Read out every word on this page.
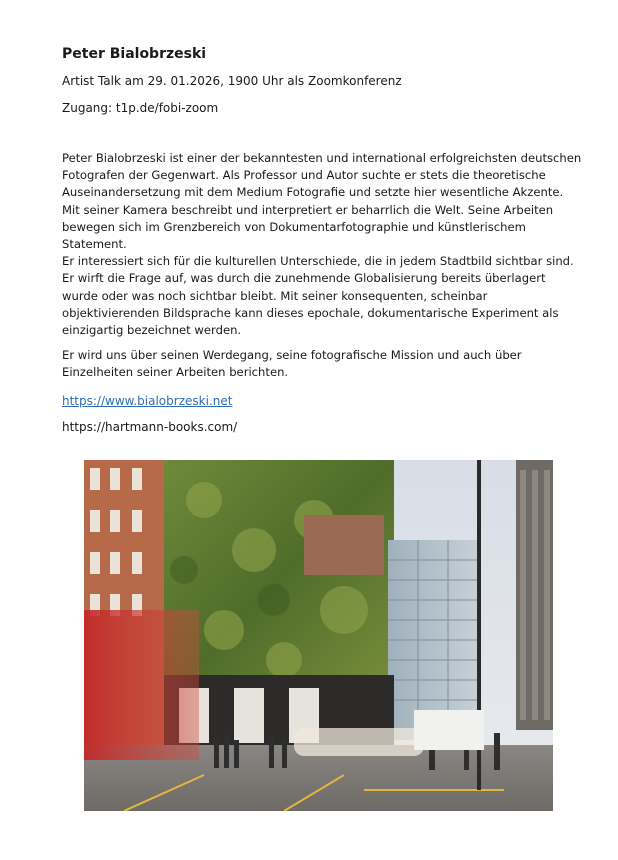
Peter Bialobrzeski

Artist Talk am 29. 01.2026, 1900 Uhr als Zoomkonferenz

Zugang: t1p.de/fobi-zoom

Peter Bialobrzeski ist einer der bekanntesten und international erfolgreichsten deutschen Fotografen der Gegenwart. Als Professor und Autor suchte er stets die theoretische Auseinandersetzung mit dem Medium Fotografie und setzte hier wesentliche Akzente. Mit seiner Kamera beschreibt und interpretiert er beharrlich die Welt. Seine Arbeiten bewegen sich im Grenzbereich von Dokumentarfotographie und künstlerischem Statement.

Er interessiert sich für die kulturellen Unterschiede, die in jedem Stadtbild sichtbar sind. Er wirft die Frage auf, was durch die zunehmende Globalisierung bereits überlagert wurde oder was noch sichtbar bleibt. Mit seiner konsequenten, scheinbar objektivierenden Bildsprache kann dieses epochale, dokumentarische Experiment als einzigartig bezeichnet werden.

Er wird uns über seinen Werdegang, seine fotografische Mission und auch über Einzelheiten seiner Arbeiten berichten.

https://www.bialobrzeski.net

https://hartmann-books.com/
